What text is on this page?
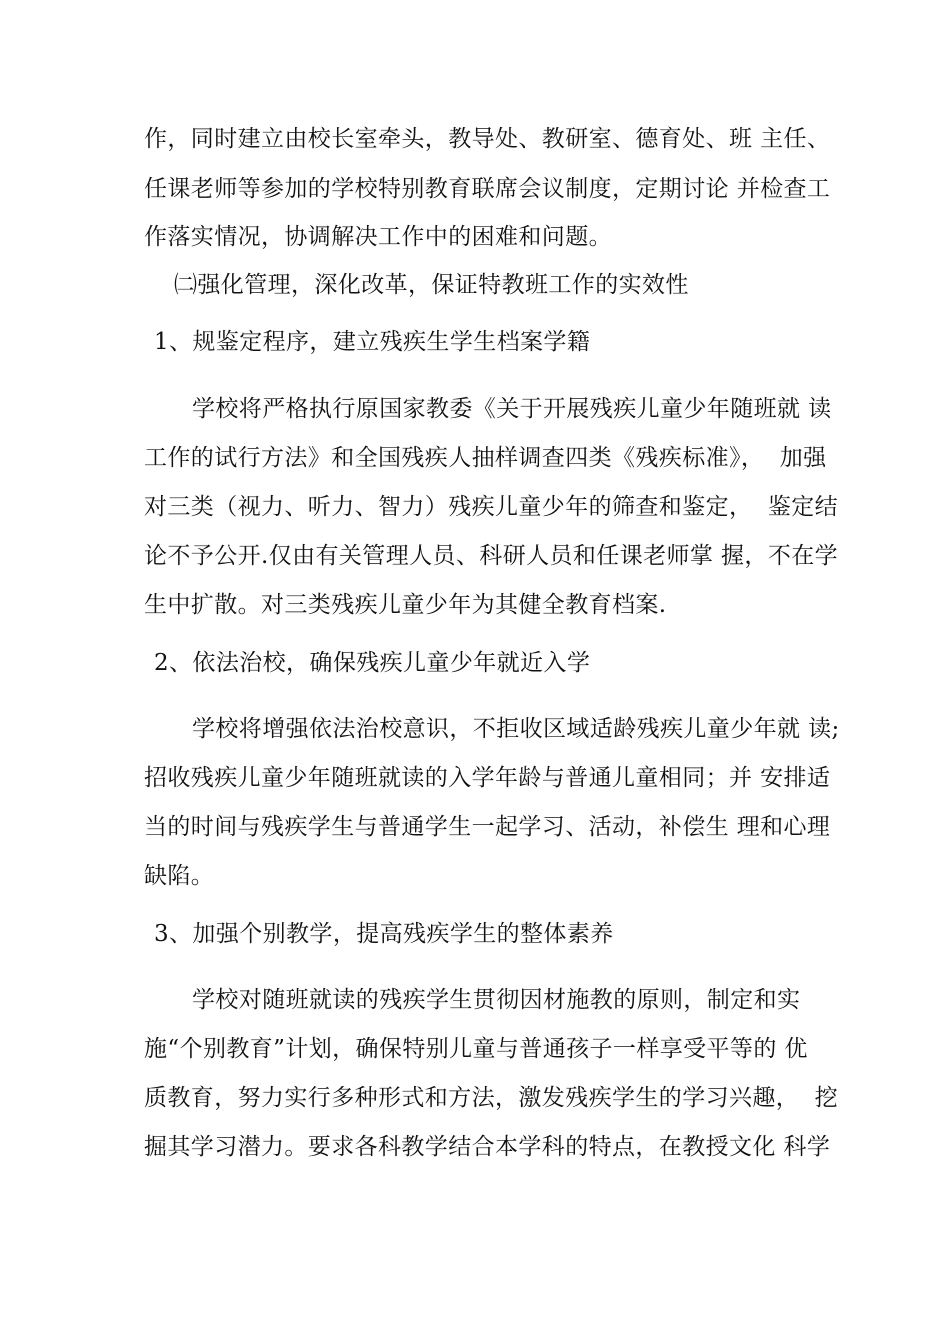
作，同时建立由校长室牵头，教导处、教研室、德育处、班 主任、
任课老师等参加的学校特别教育联席会议制度，定期讨论 并检查工
作落实情况，协调解决工作中的困难和问题。
㈡强化管理，深化改革，保证特教班工作的实效性
1、规鉴定程序，建立残疾生学生档案学籍
学校将严格执行原国家教委《关于开展残疾儿童少年随班就 读
工作的试行方法》和全国残疾人抽样调查四类《残疾标准》，  加强
对三类（视力、听力、智力）残疾儿童少年的筛查和鉴定，  鉴定结
论不予公开.仅由有关管理人员、科研人员和任课老师掌 握，不在学
生中扩散。对三类残疾儿童少年为其健全教育档案.
2、依法治校，确保残疾儿童少年就近入学
学校将增强依法治校意识，不拒收区域适龄残疾儿童少年就 读;
招收残疾儿童少年随班就读的入学年龄与普通儿童相同；并 安排适
当的时间与残疾学生与普通学生一起学习、活动，补偿生 理和心理
缺陷。
3、加强个别教学，提高残疾学生的整体素养
学校对随班就读的残疾学生贯彻因材施教的原则，制定和实
施“个别教育”计划，确保特别儿童与普通孩子一样享受平等的 优
质教育，努力实行多种形式和方法，激发残疾学生的学习兴趣，  挖
掘其学习潜力。要求各科教学结合本学科的特点，在教授文化 科学
